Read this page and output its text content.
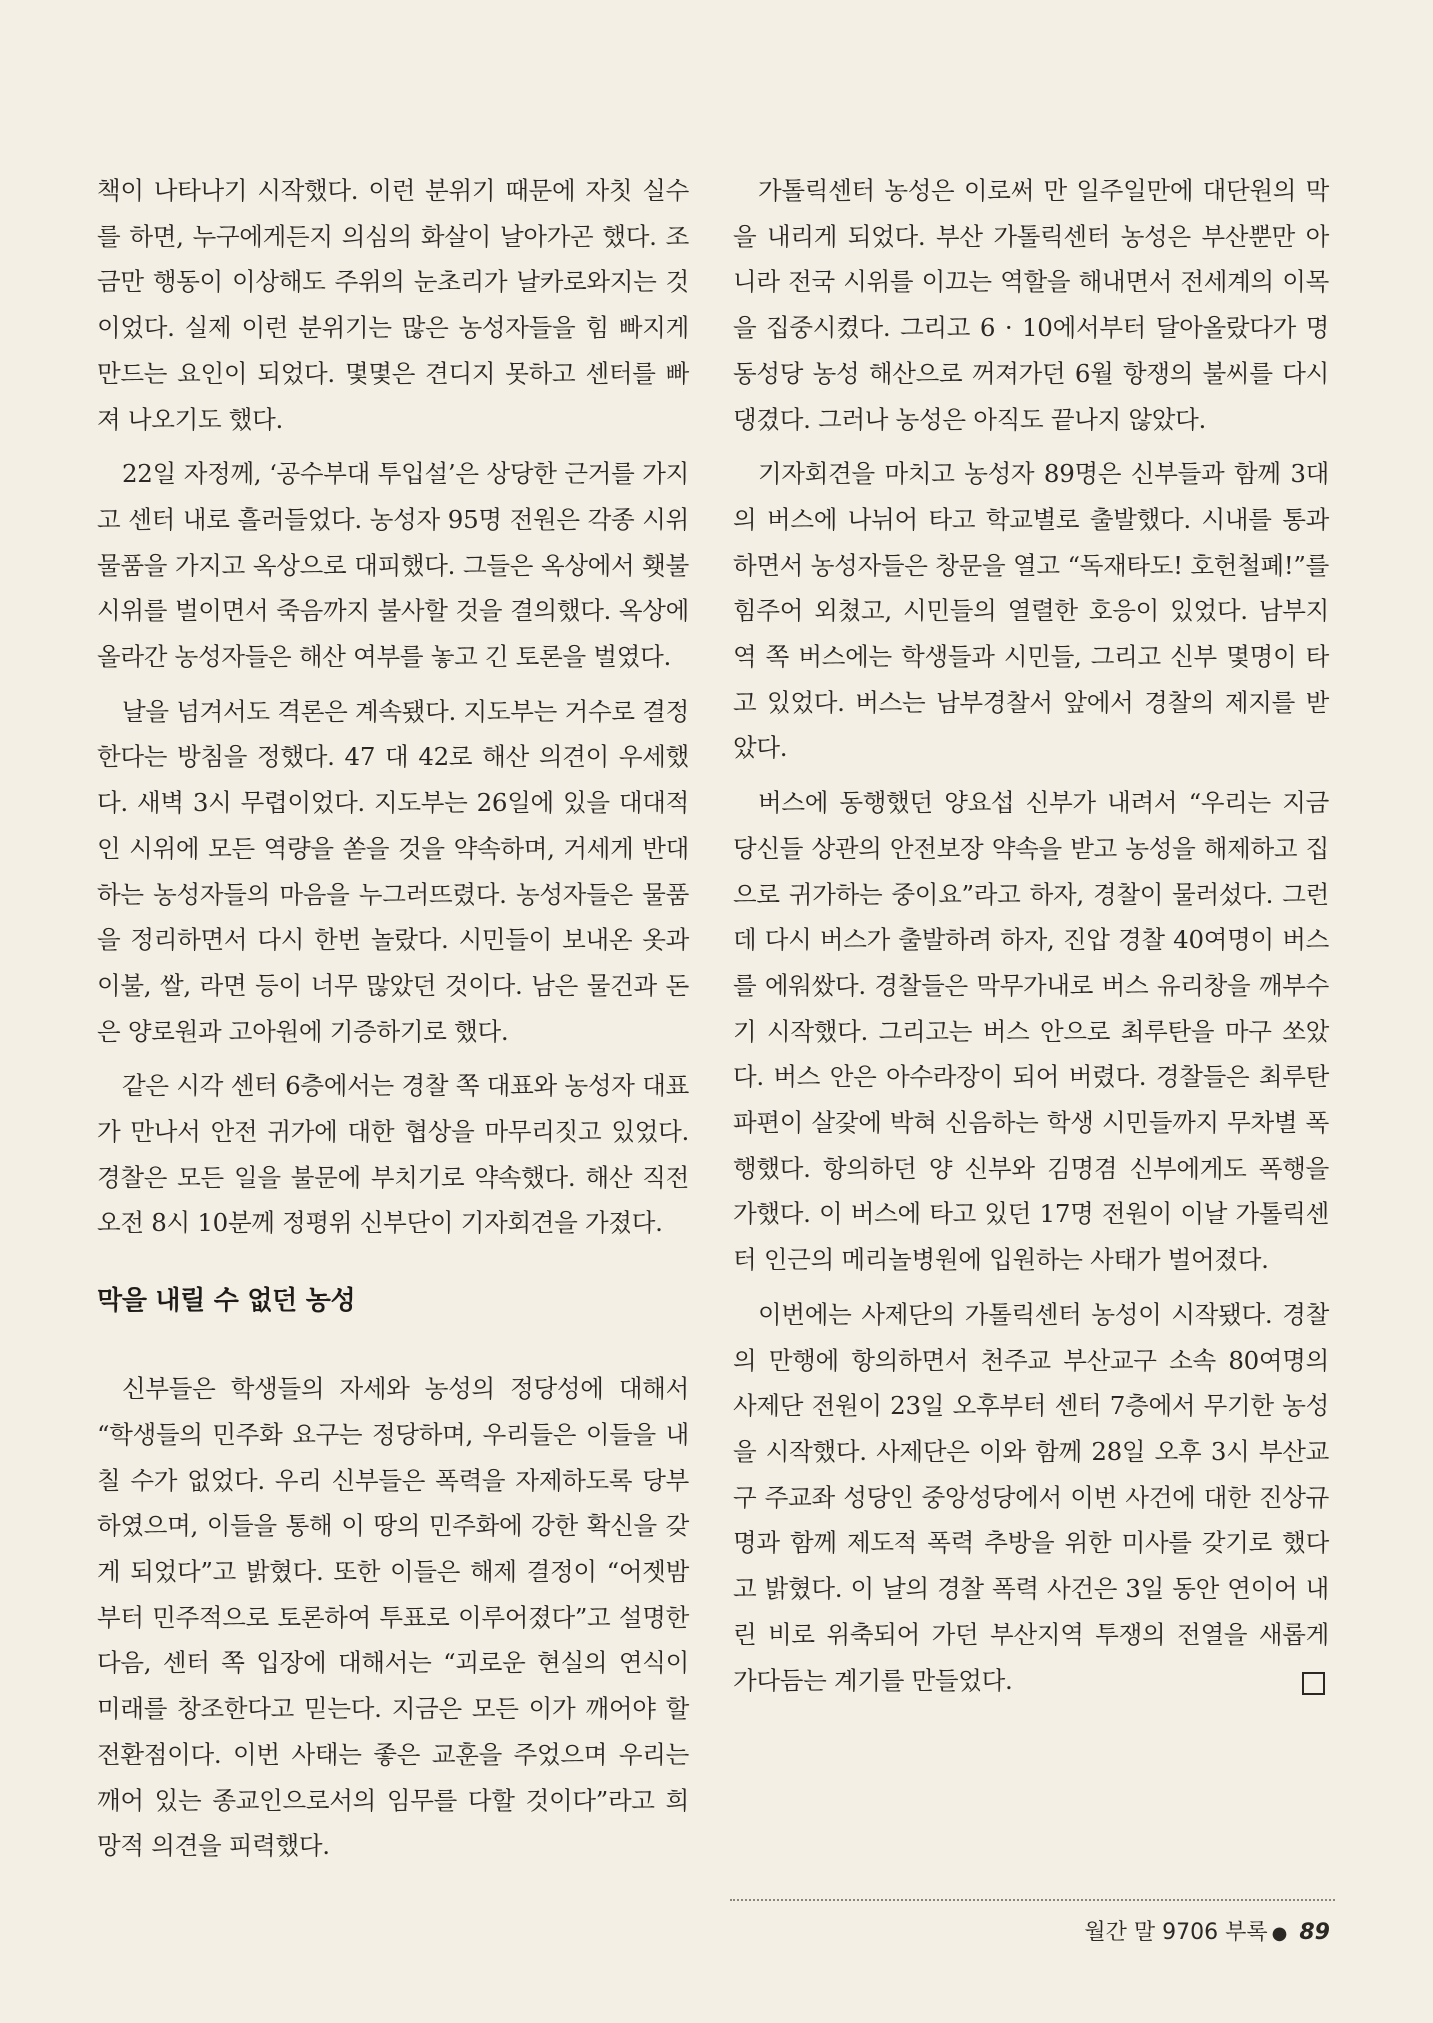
책이 나타나기 시작했다. 이런 분위기 때문에 자칫 실수를 하면, 누구에게든지 의심의 화살이 날아가곤 했다. 조금만 행동이 이상해도 주위의 눈초리가 날카로와지는 것이었다. 실제 이런 분위기는 많은 농성자들을 힘 빠지게 만드는 요인이 되었다. 몇몇은 견디지 못하고 센터를 빠져 나오기도 했다.

22일 자정께, ‘공수부대 투입설’은 상당한 근거를 가지고 센터 내로 흘러들었다. 농성자 95명 전원은 각종 시위물품을 가지고 옥상으로 대피했다. 그들은 옥상에서 횃불 시위를 벌이면서 죽음까지 불사할 것을 결의했다. 옥상에 올라간 농성자들은 해산 여부를 놓고 긴 토론을 벌였다.

날을 넘겨서도 격론은 계속됐다. 지도부는 거수로 결정한다는 방침을 정했다. 47 대 42로 해산 의견이 우세했다. 새벽 3시 무렵이었다. 지도부는 26일에 있을 대대적인 시위에 모든 역량을 쏟을 것을 약속하며, 거세게 반대하는 농성자들의 마음을 누그러뜨렸다. 농성자들은 물품을 정리하면서 다시 한번 놀랐다. 시민들이 보내온 옷과 이불, 쌀, 라면 등이 너무 많았던 것이다. 남은 물건과 돈은 양로원과 고아원에 기증하기로 했다.

같은 시각 센터 6층에서는 경찰 쪽 대표와 농성자 대표가 만나서 안전 귀가에 대한 협상을 마무리짓고 있었다. 경찰은 모든 일을 불문에 부치기로 약속했다. 해산 직전 오전 8시 10분께 정평위 신부단이 기자회견을 가졌다.

막을 내릴 수 없던 농성

신부들은 학생들의 자세와 농성의 정당성에 대해서 “학생들의 민주화 요구는 정당하며, 우리들은 이들을 내칠 수가 없었다. 우리 신부들은 폭력을 자제하도록 당부하였으며, 이들을 통해 이 땅의 민주화에 강한 확신을 갖게 되었다”고 밝혔다. 또한 이들은 해제 결정이 “어젯밤부터 민주적으로 토론하여 투표로 이루어졌다”고 설명한 다음, 센터 쪽 입장에 대해서는 “괴로운 현실의 연식이 미래를 창조한다고 믿는다. 지금은 모든 이가 깨어야 할 전환점이다. 이번 사태는 좋은 교훈을 주었으며 우리는 깨어 있는 종교인으로서의 임무를 다할 것이다”라고 희망적 의견을 피력했다.

가톨릭센터 농성은 이로써 만 일주일만에 대단원의 막을 내리게 되었다. 부산 가톨릭센터 농성은 부산뿐만 아니라 전국 시위를 이끄는 역할을 해내면서 전세계의 이목을 집중시켰다. 그리고 6 · 10에서부터 달아올랐다가 명동성당 농성 해산으로 꺼져가던 6월 항쟁의 불씨를 다시 댕겼다. 그러나 농성은 아직도 끝나지 않았다.

기자회견을 마치고 농성자 89명은 신부들과 함께 3대의 버스에 나뉘어 타고 학교별로 출발했다. 시내를 통과하면서 농성자들은 창문을 열고 “독재타도! 호헌철폐!”를 힘주어 외쳤고, 시민들의 열렬한 호응이 있었다. 남부지역 쪽 버스에는 학생들과 시민들, 그리고 신부 몇명이 타고 있었다. 버스는 남부경찰서 앞에서 경찰의 제지를 받았다.

버스에 동행했던 양요섭 신부가 내려서 “우리는 지금 당신들 상관의 안전보장 약속을 받고 농성을 해제하고 집으로 귀가하는 중이요”라고 하자, 경찰이 물러섰다. 그런데 다시 버스가 출발하려 하자, 진압 경찰 40여명이 버스를 에워쌌다. 경찰들은 막무가내로 버스 유리창을 깨부수기 시작했다. 그리고는 버스 안으로 최루탄을 마구 쏘았다. 버스 안은 아수라장이 되어 버렸다. 경찰들은 최루탄 파편이 살갗에 박혀 신음하는 학생 시민들까지 무차별 폭행했다. 항의하던 양 신부와 김명겸 신부에게도 폭행을 가했다. 이 버스에 타고 있던 17명 전원이 이날 가톨릭센터 인근의 메리놀병원에 입원하는 사태가 벌어졌다.

이번에는 사제단의 가톨릭센터 농성이 시작됐다. 경찰의 만행에 항의하면서 천주교 부산교구 소속 80여명의 사제단 전원이 23일 오후부터 센터 7층에서 무기한 농성을 시작했다. 사제단은 이와 함께 28일 오후 3시 부산교구 주교좌 성당인 중앙성당에서 이번 사건에 대한 진상규명과 함께 제도적 폭력 추방을 위한 미사를 갖기로 했다고 밝혔다. 이 날의 경찰 폭력 사건은 3일 동안 연이어 내린 비로 위축되어 가던 부산지역 투쟁의 전열을 새롭게 가다듬는 계기를 만들었다.

월간 말 9706 부록 ● 89
